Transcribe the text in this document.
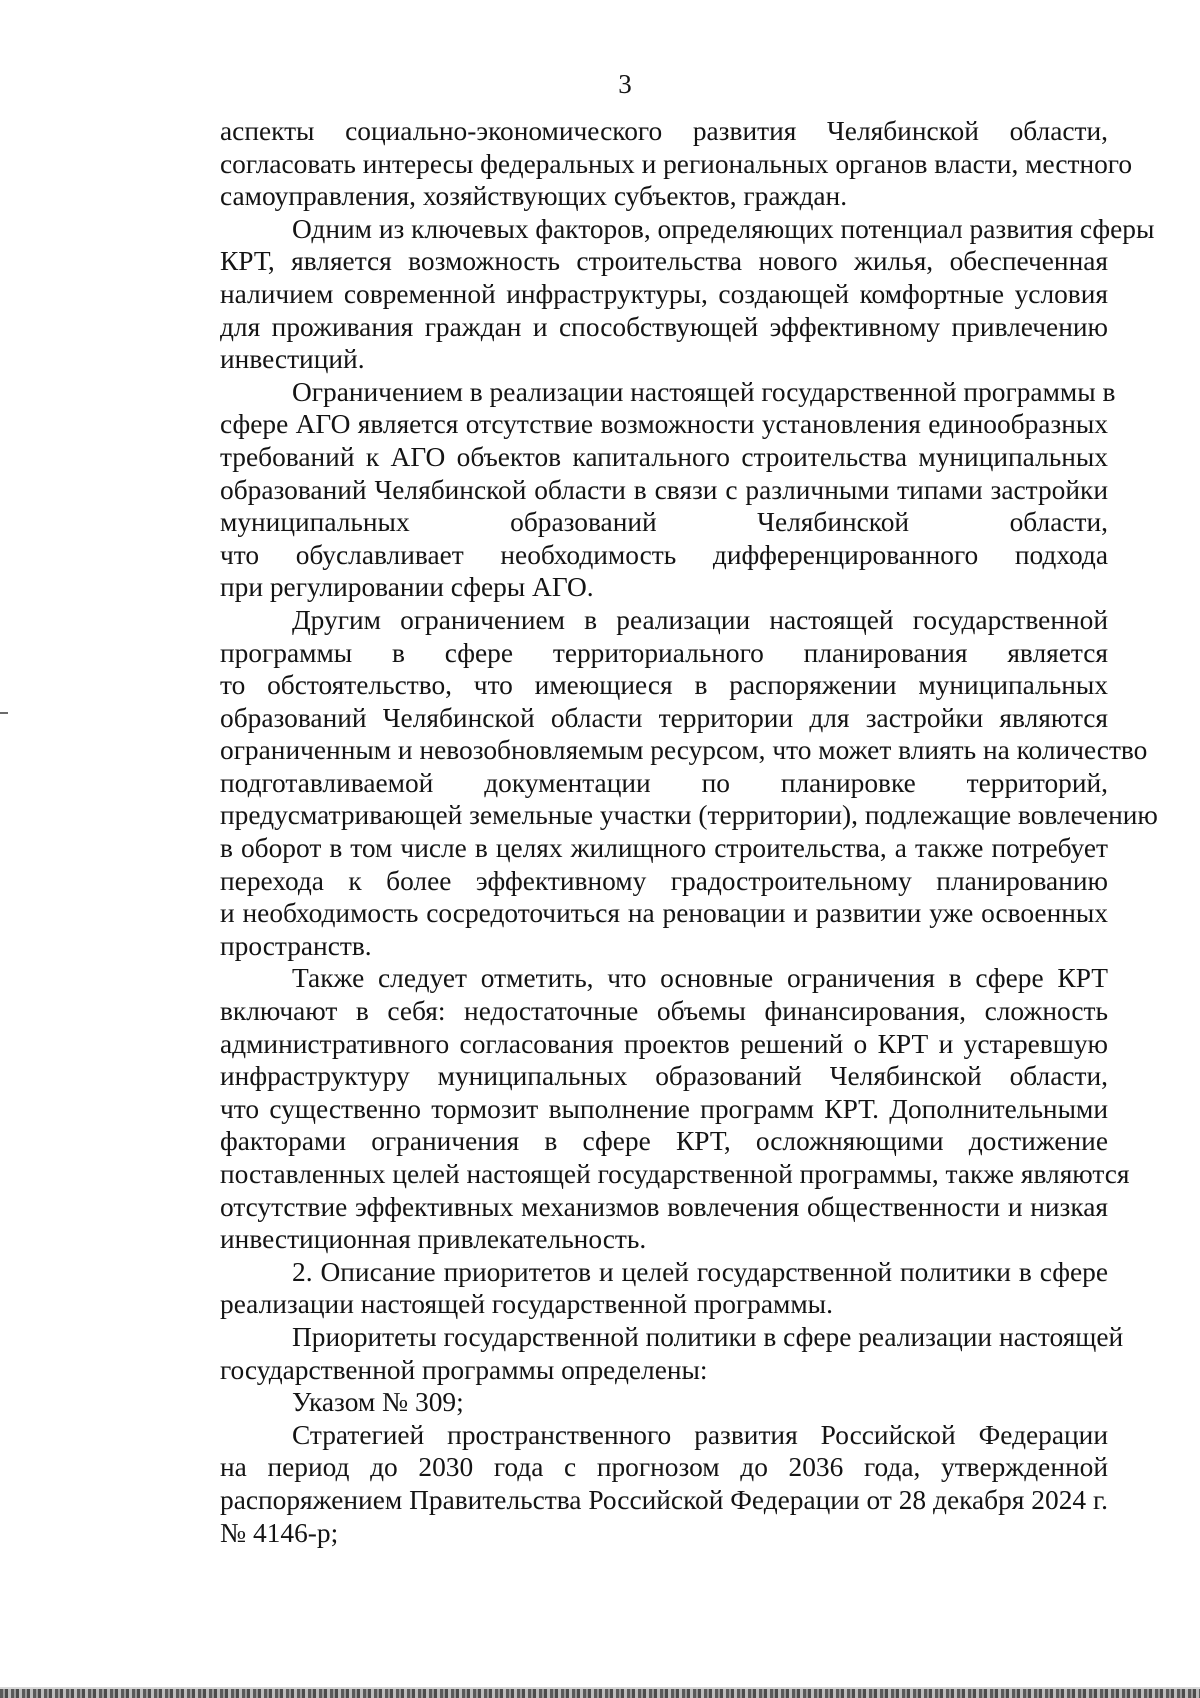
3
аспекты социально-экономического развития Челябинской области,
согласовать интересы федеральных и региональных органов власти, местного
самоуправления, хозяйствующих субъектов, граждан.
Одним из ключевых факторов, определяющих потенциал развития сферы
КРТ, является возможность строительства нового жилья, обеспеченная
наличием современной инфраструктуры, создающей комфортные условия
для проживания граждан и способствующей эффективному привлечению
инвестиций.
Ограничением в реализации настоящей государственной программы в
сфере АГО является отсутствие возможности установления единообразных
требований к АГО объектов капитального строительства муниципальных
образований Челябинской области в связи с различными типами застройки
муниципальных образований Челябинской области,
что обуславливает необходимость дифференцированного подхода
при регулировании сферы АГО.
Другим ограничением в реализации настоящей государственной
программы в сфере территориального планирования является
то обстоятельство, что имеющиеся в распоряжении муниципальных
образований Челябинской области территории для застройки являются
ограниченным и невозобновляемым ресурсом, что может влиять на количество
подготавливаемой документации по планировке территорий,
предусматривающей земельные участки (территории), подлежащие вовлечению
в оборот в том числе в целях жилищного строительства, а также потребует
перехода к более эффективному градостроительному планированию
и необходимость сосредоточиться на реновации и развитии уже освоенных
пространств.
Также следует отметить, что основные ограничения в сфере КРТ
включают в себя: недостаточные объемы финансирования, сложность
административного согласования проектов решений о КРТ и устаревшую
инфраструктуру муниципальных образований Челябинской области,
что существенно тормозит выполнение программ КРТ. Дополнительными
факторами ограничения в сфере КРТ, осложняющими достижение
поставленных целей настоящей государственной программы, также являются
отсутствие эффективных механизмов вовлечения общественности и низкая
инвестиционная привлекательность.
2. Описание приоритетов и целей государственной политики в сфере
реализации настоящей государственной программы.
Приоритеты государственной политики в сфере реализации настоящей
государственной программы определены:
Указом № 309;
Стратегией пространственного развития Российской Федерации
на период до 2030 года с прогнозом до 2036 года, утвержденной
распоряжением Правительства Российской Федерации от 28 декабря 2024 г.
№ 4146-р;
